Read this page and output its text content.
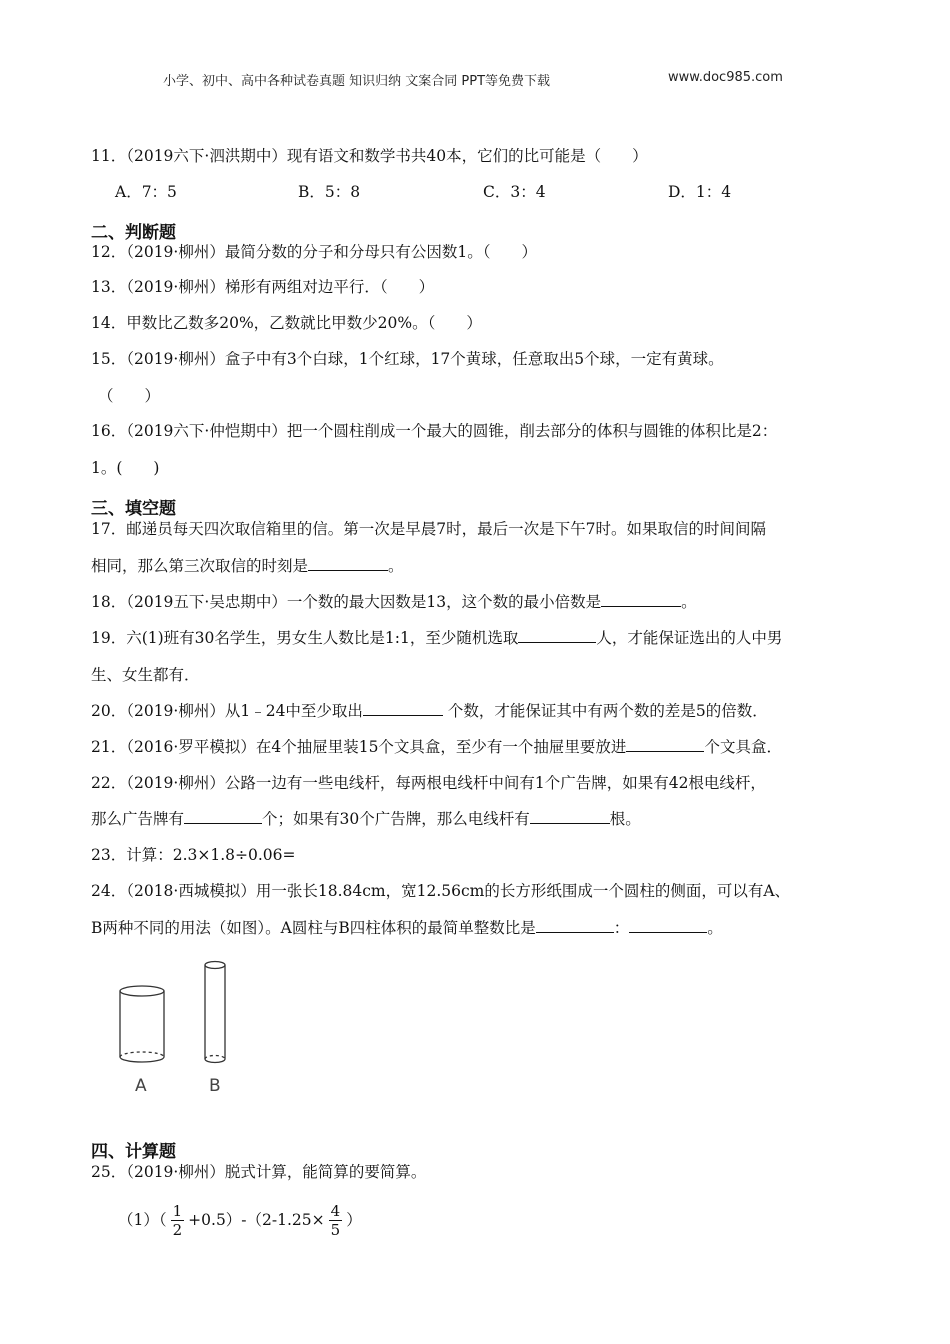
小学、初中、高中各种试卷真题 知识归纳 文案合同 PPT等免费下载	www.doc985.com
11．（2019六下·泗洪期中）现有语文和数学书共40本，它们的比可能是（　　）
A．7：5	B．5：8	C．3：4	D．1：4
二、判断题
12．（2019·柳州）最简分数的分子和分母只有公因数1。（　　）
13．（2019·柳州）梯形有两组对边平行．（　　）
14．甲数比乙数多20%，乙数就比甲数少20%。（　　）
15．（2019·柳州）盒子中有3个白球，1个红球，17个黄球，任意取出5个球，一定有黄球。
（　　）
16．（2019六下·仲恺期中）把一个圆柱削成一个最大的圆锥，削去部分的体积与圆锥的体积比是2：
1。(　　)
三、填空题
17．邮递员每天四次取信箱里的信。第一次是早晨7时，最后一次是下午7时。如果取信的时间间隔
相同，那么第三次取信的时刻是	。
18．（2019五下·吴忠期中）一个数的最大因数是13，这个数的最小倍数是	。
19．六(1)班有30名学生，男女生人数比是1:1，至少随机选取	人，才能保证选出的人中男
生、女生都有．
20．（2019·柳州）从1﹣24中至少取出	个数，才能保证其中有两个数的差是5的倍数．
21．（2016·罗平模拟）在4个抽屉里装15个文具盒，至少有一个抽屉里要放进	个文具盒．
22．（2019·柳州）公路一边有一些电线杆，每两根电线杆中间有1个广告牌，如果有42根电线杆，
那么广告牌有	个；如果有30个广告牌，那么电线杆有	根。
23．计算：2.3×1.8÷0.06=
24．（2018·西城模拟）用一张长18.84cm，宽12.56cm的长方形纸围成一个圆柱的侧面，可以有A、
B两种不同的用法（如图）。A圆柱与B四柱体积的最简单整数比是	：	。
A	B
四、计算题
25．（2019·柳州）脱式计算，能简算的要简算。
$(1)( \frac{1}{2} +0.5)-(2-1.25\times \frac{4}{5}$ ）
